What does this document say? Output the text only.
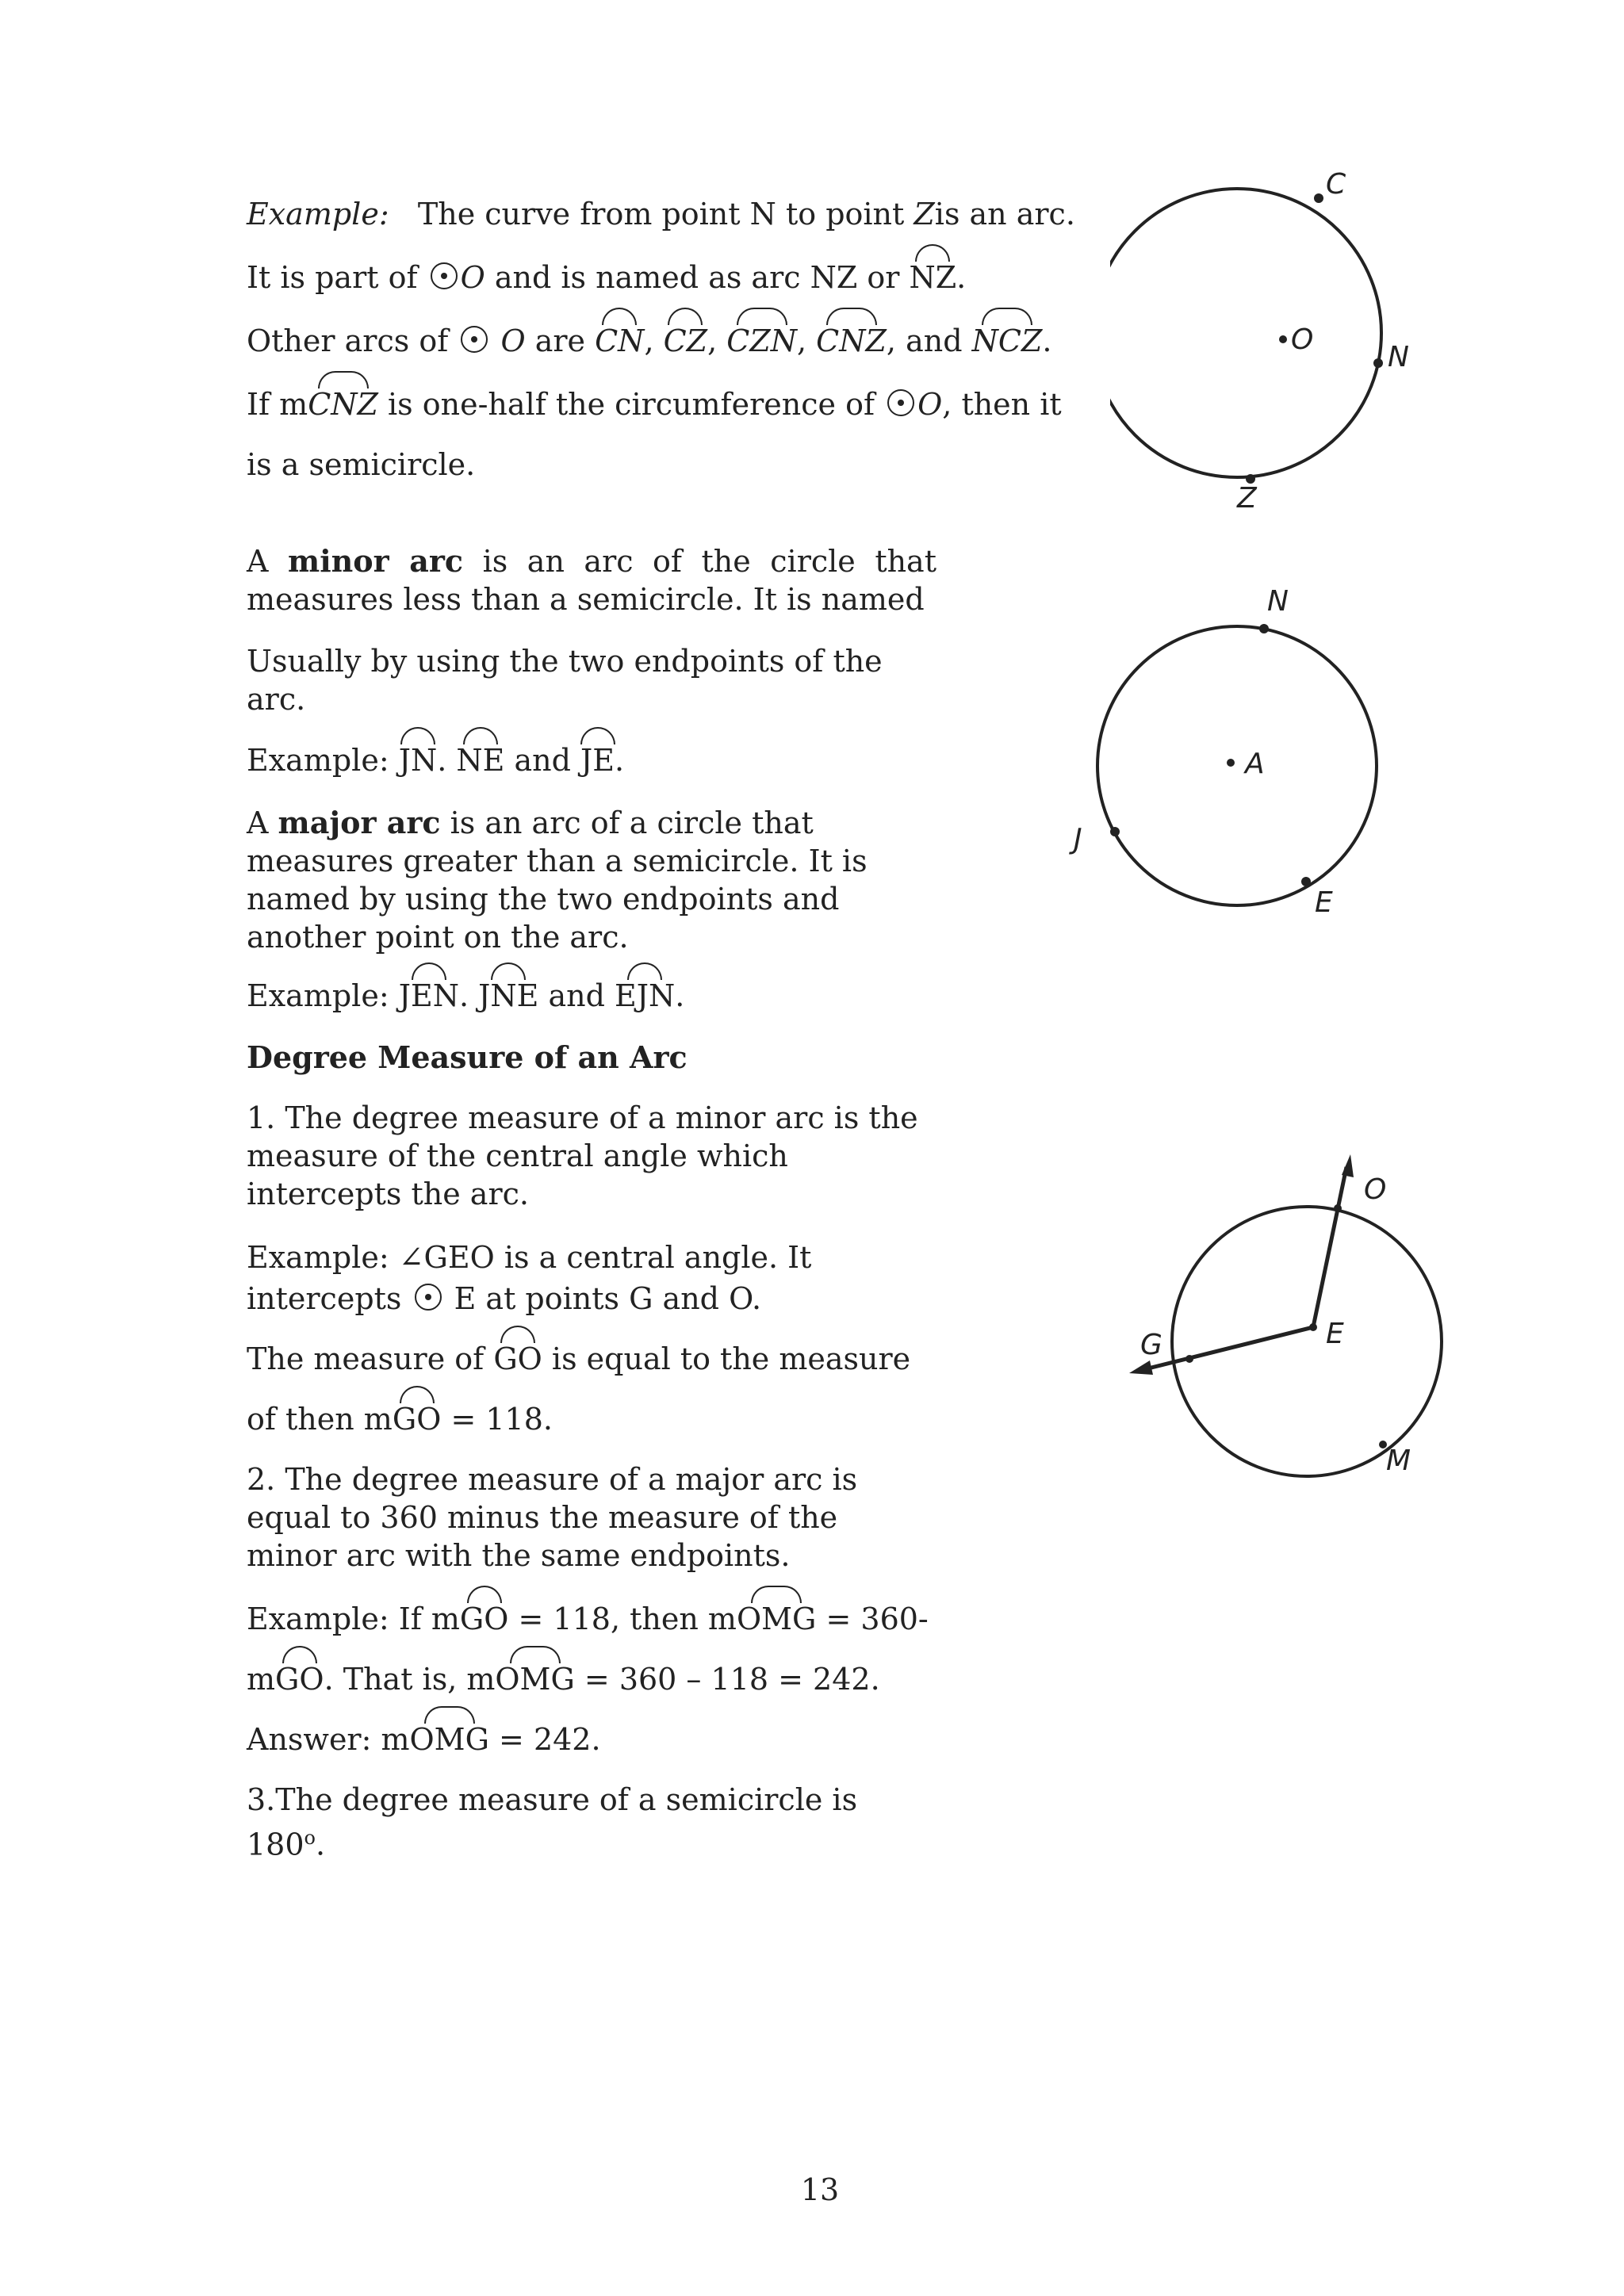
Example: The curve from point N to point Zis an arc.
It is part of O and is named as arc NZ or NZ.
Other arcs of O are CN, CZ, CZN, CNZ, and NCZ.
If mCNZ is one-half the circumference of O, then it
is a semicircle.
A minor arc is an arc of the circle that measures less than a semicircle. It is named
Usually by using the two endpoints of the arc.
Example: JN. NE and JE.
A major arc is an arc of a circle that measures greater than a semicircle. It is named by using the two endpoints and another point on the arc.
Example: JEN. JNE and EJN.
Degree Measure of an Arc
1. The degree measure of a minor arc is the measure of the central angle which intercepts the arc.
Example: ∠GEO is a central angle. It
intercepts E at points G and O.
The measure of GO is equal to the measure
of then mGO = 118.
2. The degree measure of a major arc is equal to 360 minus the measure of the minor arc with the same endpoints.
Example: If mGO = 118, then mOMG = 360-
mGO. That is, mOMG = 360 – 118 = 242.
Answer: mOMG = 242.
3.The degree measure of a semicircle is 180$^o$.
C
O
N
Z
N
A
J
E
O
G	E
M
13
